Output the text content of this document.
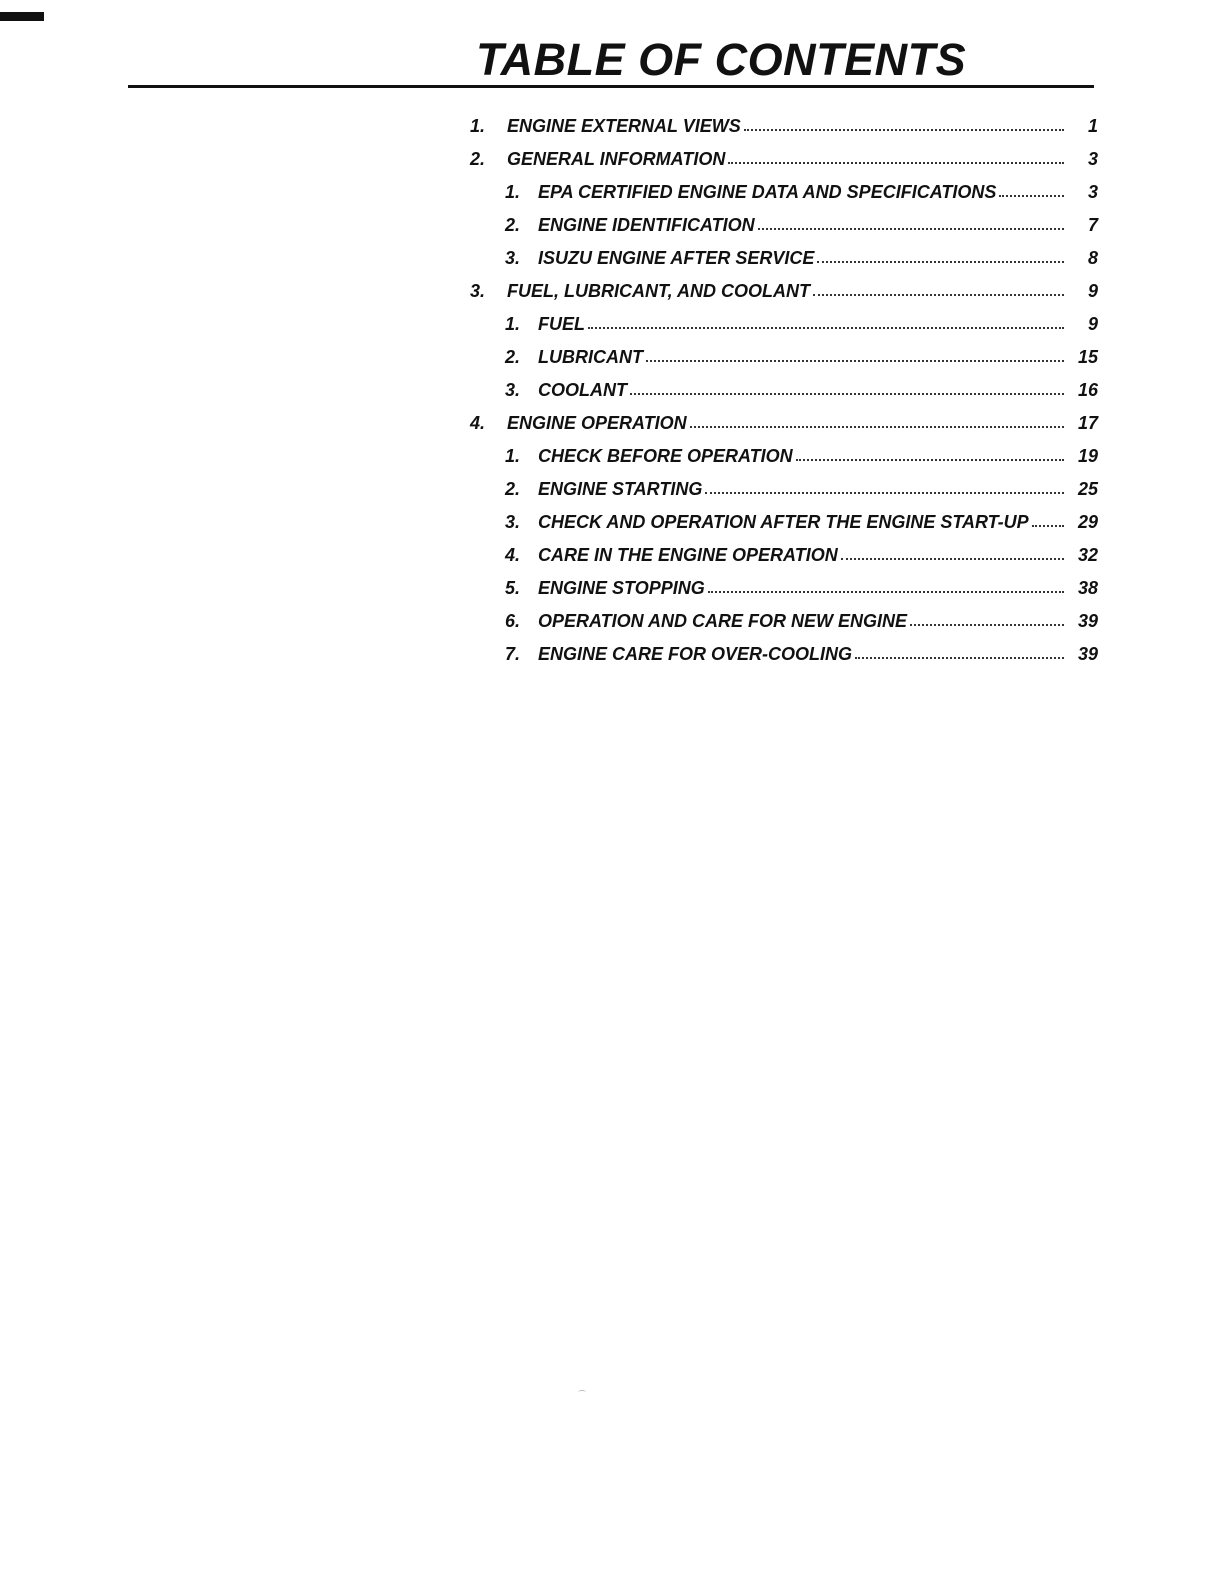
TABLE OF CONTENTS
1.	ENGINE EXTERNAL VIEWS	1
2.	GENERAL INFORMATION	3
1. EPA CERTIFIED ENGINE DATA AND SPECIFICATIONS	3
2. ENGINE IDENTIFICATION	7
3. ISUZU ENGINE AFTER SERVICE	8
3.	FUEL, LUBRICANT, AND COOLANT	9
1. FUEL	9
2. LUBRICANT	15
3. COOLANT	16
4.	ENGINE OPERATION	17
1. CHECK BEFORE OPERATION	19
2. ENGINE STARTING	25
3. CHECK AND OPERATION AFTER THE ENGINE START-UP	29
4. CARE IN THE ENGINE OPERATION	32
5. ENGINE STOPPING	38
6. OPERATION AND CARE FOR NEW ENGINE	39
7. ENGINE CARE FOR OVER-COOLING	39
